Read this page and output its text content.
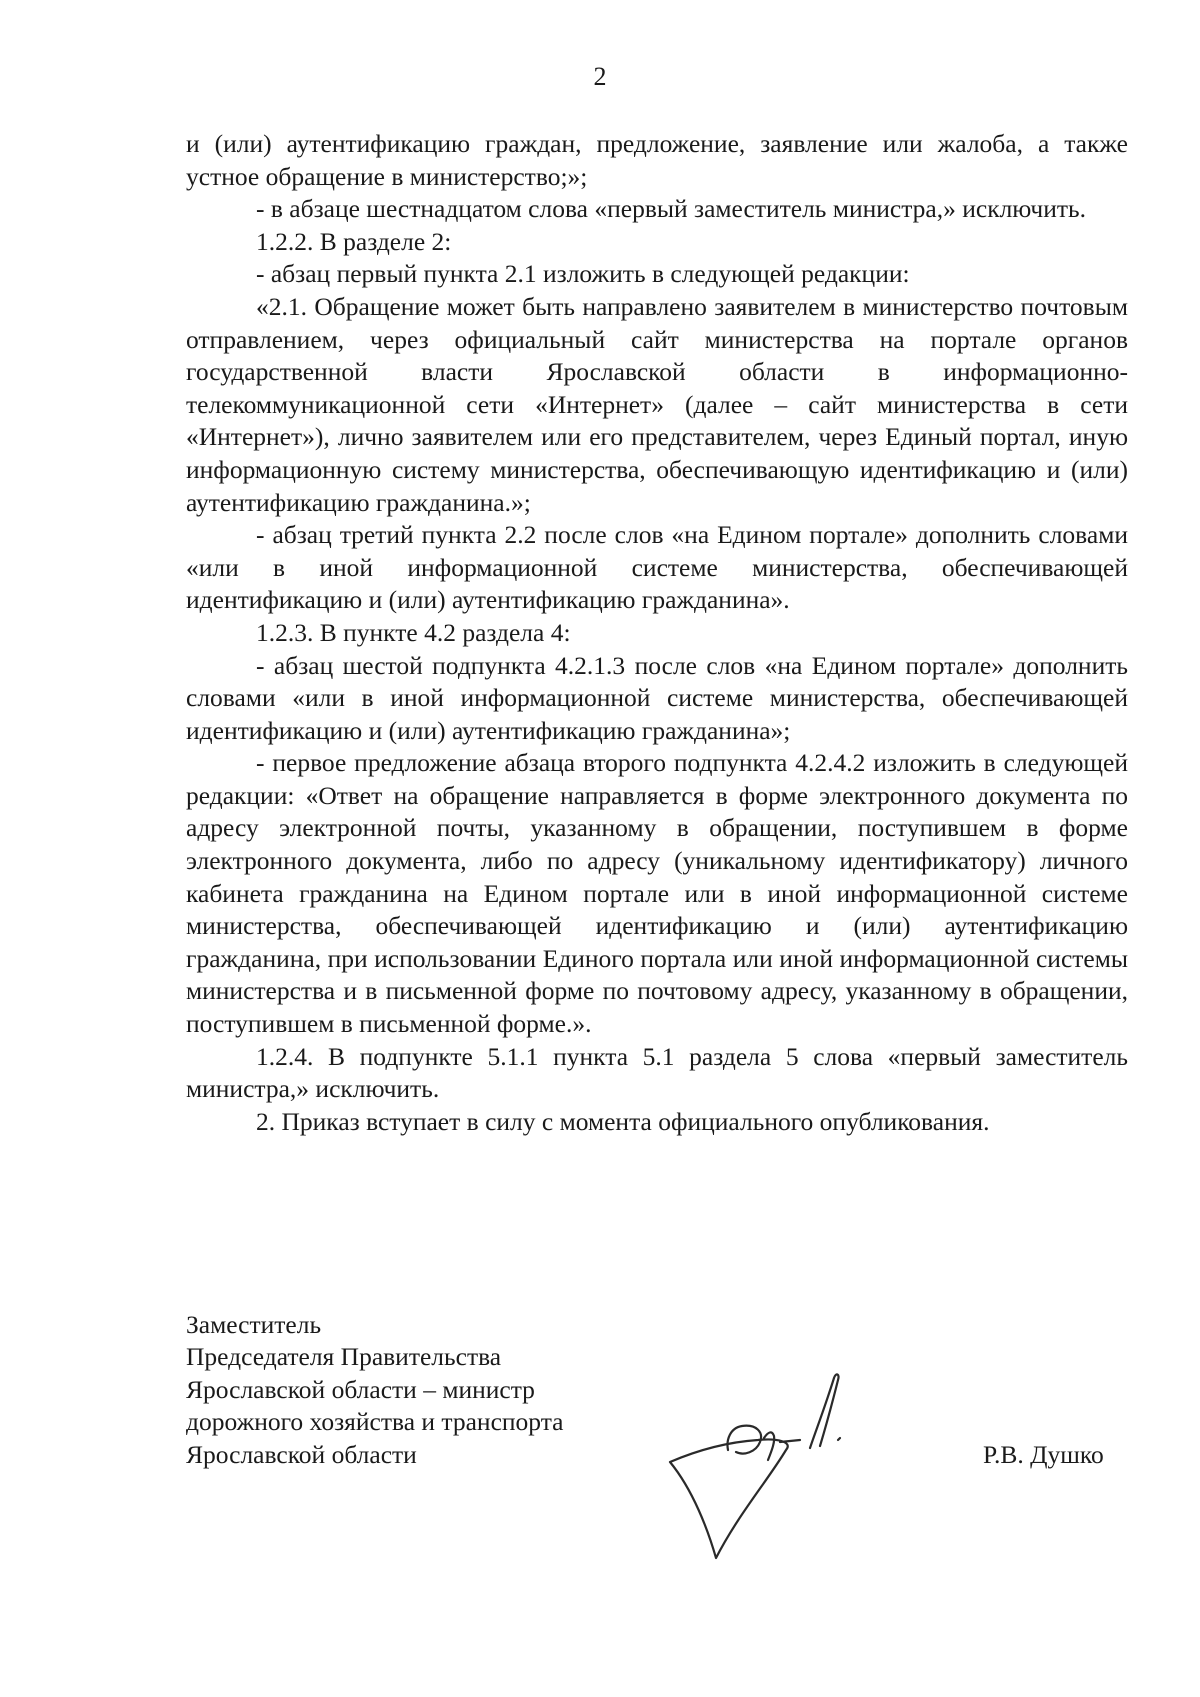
2

и (или) аутентификацию граждан, предложение, заявление или жалоба, а также устное обращение в министерство;»;

- в абзаце шестнадцатом слова «первый заместитель министра,» исключить.

1.2.2. В разделе 2:

- абзац первый пункта 2.1 изложить в следующей редакции:

«2.1. Обращение может быть направлено заявителем в министерство почтовым отправлением, через официальный сайт министерства на портале органов государственной власти Ярославской области в информационно-телекоммуникационной сети «Интернет» (далее – сайт министерства в сети «Интернет»), лично заявителем или его представителем, через Единый портал, иную информационную систему министерства, обеспечивающую идентификацию и (или) аутентификацию гражданина.»;

- абзац третий пункта 2.2 после слов «на Едином портале» дополнить словами «или в иной информационной системе министерства, обеспечивающей идентификацию и (или) аутентификацию гражданина».

1.2.3. В пункте 4.2 раздела 4:

- абзац шестой подпункта 4.2.1.3 после слов «на Едином портале» дополнить словами «или в иной информационной системе министерства, обеспечивающей идентификацию и (или) аутентификацию гражданина»;

- первое предложение абзаца второго подпункта 4.2.4.2 изложить в следующей редакции: «Ответ на обращение направляется в форме электронного документа по адресу электронной почты, указанному в обращении, поступившем в форме электронного документа, либо по адресу (уникальному идентификатору) личного кабинета гражданина на Едином портале или в иной информационной системе министерства, обеспечивающей идентификацию и (или) аутентификацию гражданина, при использовании Единого портала или иной информационной системы министерства и в письменной форме по почтовому адресу, указанному в обращении, поступившем в письменной форме.».

1.2.4. В подпункте 5.1.1 пункта 5.1 раздела 5 слова «первый заместитель министра,» исключить.

2. Приказ вступает в силу с момента официального опубликования.

Заместитель
Председателя Правительства
Ярославской области – министр
дорожного хозяйства и транспорта
Ярославской области	Р.В. Душко
